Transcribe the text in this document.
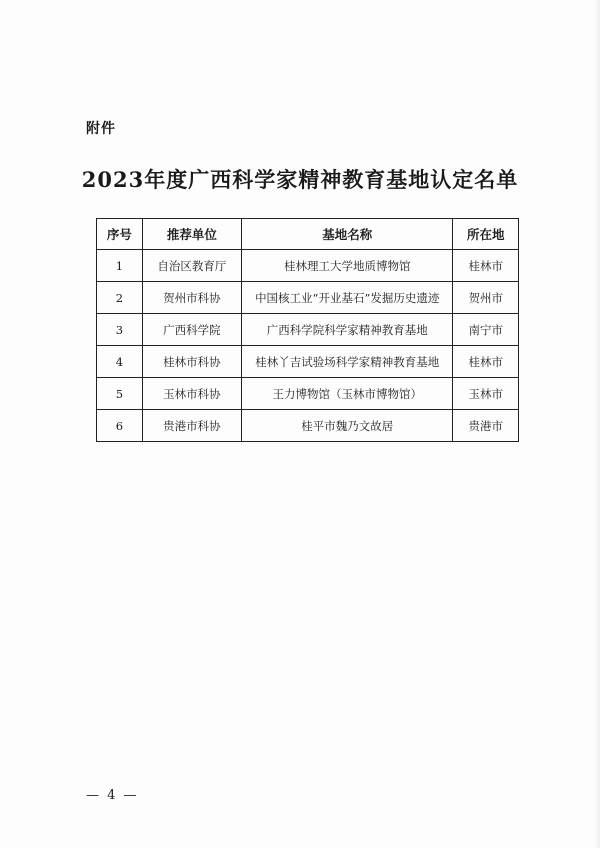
附件
2023年度广西科学家精神教育基地认定名单
序号	推荐单位	基地名称	所在地
1	自治区教育厅	桂林理工大学地质博物馆	桂林市
2	贺州市科协	中国核工业“开业基石”发掘历史遗迹	贺州市
3	广西科学院	广西科学院科学家精神教育基地	南宁市
4	桂林市科协	桂林丫吉试验场科学家精神教育基地	桂林市
5	玉林市科协	王力博物馆（玉林市博物馆）	玉林市
6	贵港市科协	桂平市魏乃文故居	贵港市
— 4 —
